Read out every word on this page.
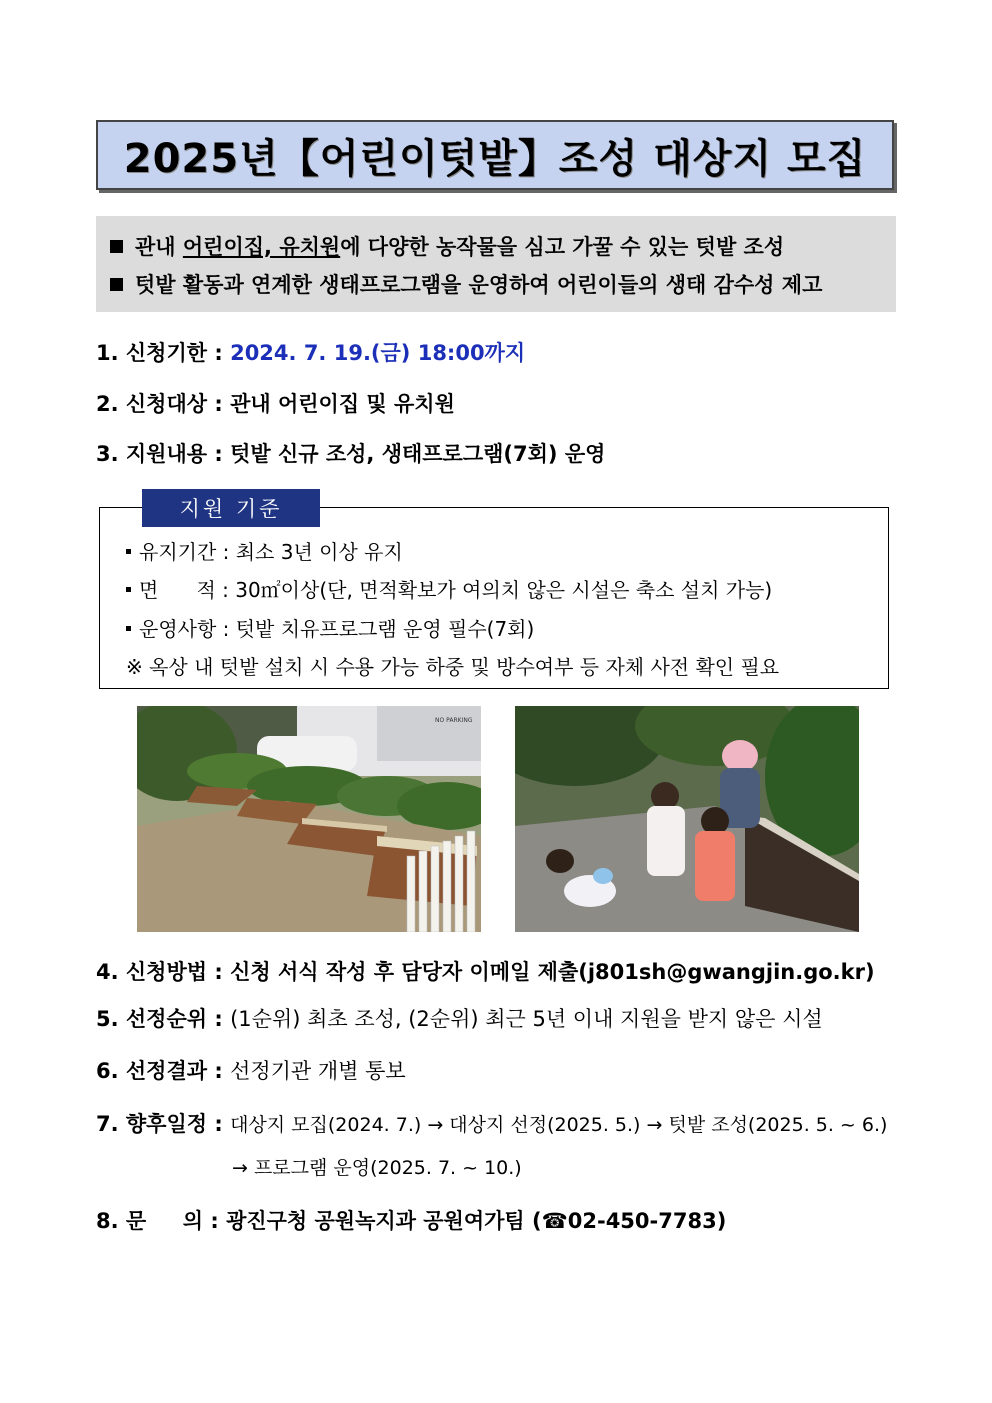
2025년【어린이텃밭】조성 대상지 모집
관내 어린이집, 유치원에 다양한 농작물을 심고 가꿀 수 있는 텃밭 조성
텃밭 활동과 연계한 생태프로그램을 운영하여 어린이들의 생태 감수성 제고
1. 신청기한 : 2024. 7. 19.(금) 18:00까지
2. 신청대상 : 관내 어린이집 및 유치원
3. 지원내용 : 텃밭 신규 조성, 생태프로그램(7회) 운영
지원 기준
유지기간 : 최소 3년 이상 유지
면      적 : 30㎡이상(단, 면적확보가 여의치 않은 시설은 축소 설치 가능)
운영사항 : 텃밭 치유프로그램 운영 필수(7회)
※ 옥상 내 텃밭 설치 시 수용 가능 하중 및 방수여부 등 자체 사전 확인 필요
NO PARKING
4. 신청방법 : 신청 서식 작성 후 담당자 이메일 제출(j801sh@gwangjin.go.kr)
5. 선정순위 : (1순위) 최초 조성, (2순위) 최근 5년 이내 지원을 받지 않은 시설
6. 선정결과 : 선정기관 개별 통보
7. 향후일정 : 대상지 모집(2024. 7.) → 대상지 선정(2025. 5.) → 텃밭 조성(2025. 5. ~ 6.)
→ 프로그램 운영(2025. 7. ~ 10.)
8. 문     의 : 광진구청 공원녹지과 공원여가팀 (☎02-450-7783)
